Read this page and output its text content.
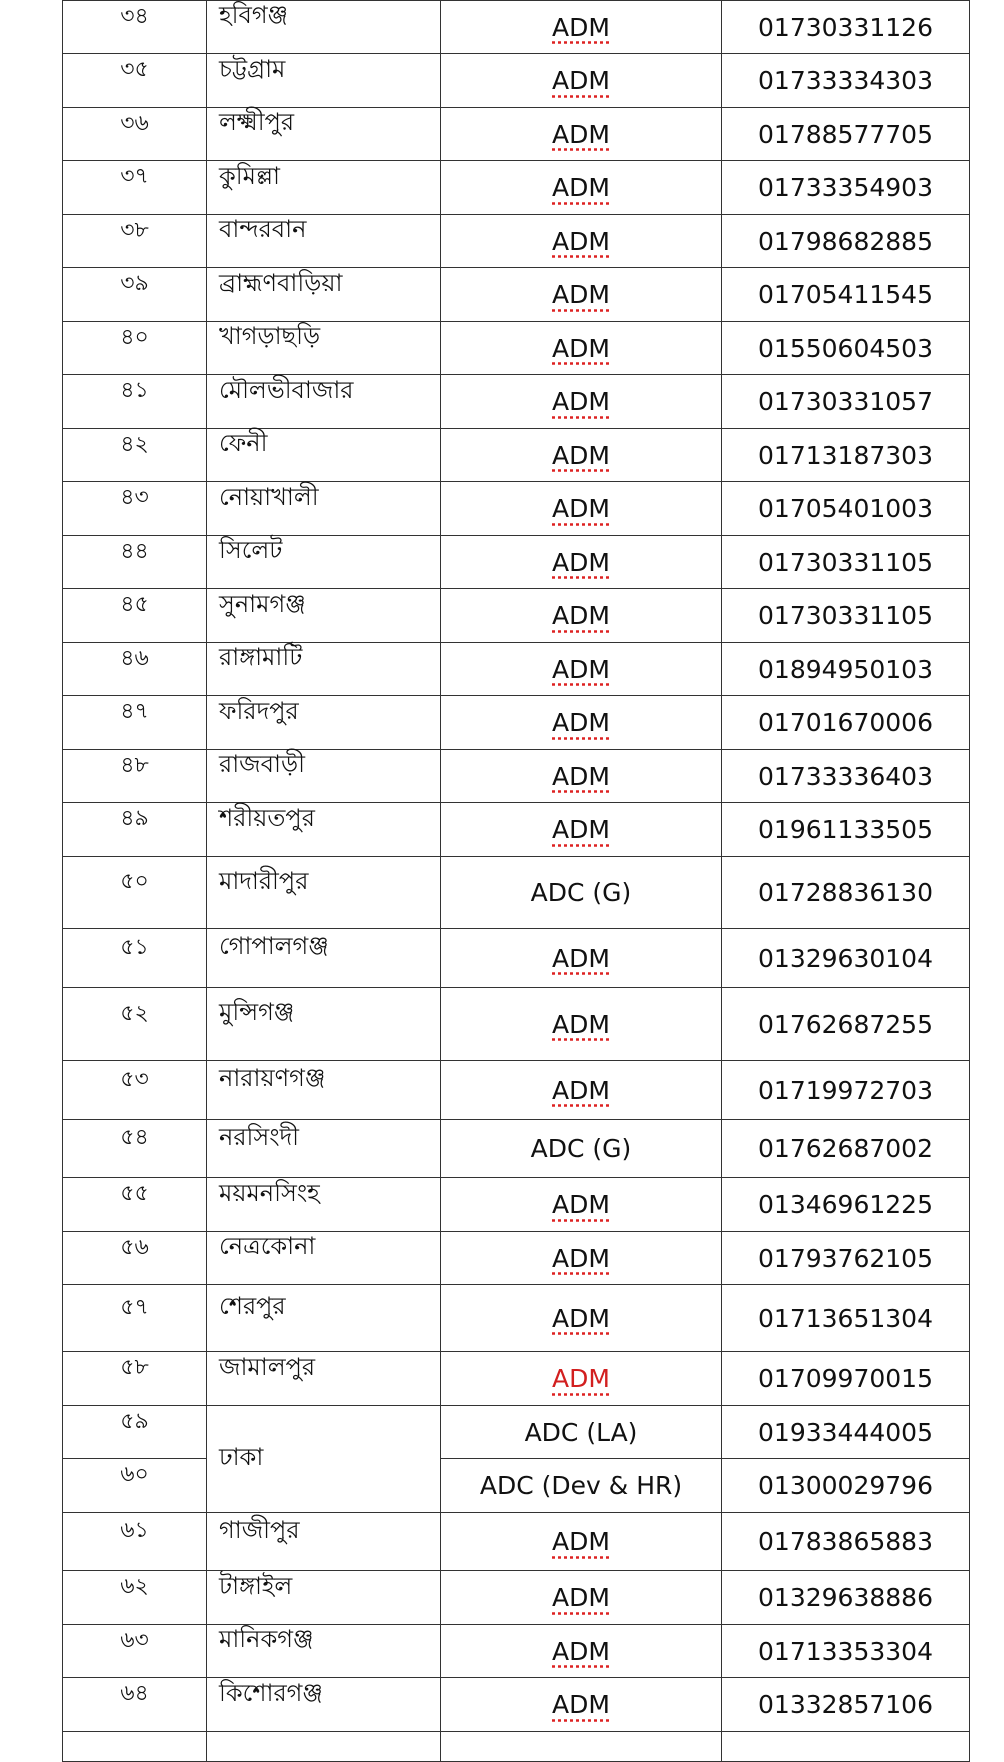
৩৪	হবিগঞ্জ	ADM	01730331126
৩৫	চট্টগ্রাম	ADM	01733334303
৩৬	লক্ষ্মীপুর	ADM	01788577705
৩৭	কুমিল্লা	ADM	01733354903
৩৮	বান্দরবান	ADM	01798682885
৩৯	ব্রাহ্মণবাড়িয়া	ADM	01705411545
৪০	খাগড়াছড়ি	ADM	01550604503
৪১	মৌলভীবাজার	ADM	01730331057
৪২	ফেনী	ADM	01713187303
৪৩	নোয়াখালী	ADM	01705401003
৪৪	সিলেট	ADM	01730331105
৪৫	সুনামগঞ্জ	ADM	01730331105
৪৬	রাঙ্গামাটি	ADM	01894950103
৪৭	ফরিদপুর	ADM	01701670006
৪৮	রাজবাড়ী	ADM	01733336403
৪৯	শরীয়তপুর	ADM	01961133505
৫০	মাদারীপুর	ADC (G)	01728836130
৫১	গোপালগঞ্জ	ADM	01329630104
৫২	মুন্সিগঞ্জ	ADM	01762687255
৫৩	নারায়ণগঞ্জ	ADM	01719972703
৫৪	নরসিংদী	ADC (G)	01762687002
৫৫	ময়মনসিংহ	ADM	01346961225
৫৬	নেত্রকোনা	ADM	01793762105
৫৭	শেরপুর	ADM	01713651304
৫৮	জামালপুর	ADM	01709970015
৫৯	ঢাকা	ADC (LA)	01933444005
৬০		ADC (Dev & HR)	01300029796
৬১	গাজীপুর	ADM	01783865883
৬২	টাঙ্গাইল	ADM	01329638886
৬৩	মানিকগঞ্জ	ADM	01713353304
৬৪	কিশোরগঞ্জ	ADM	01332857106
